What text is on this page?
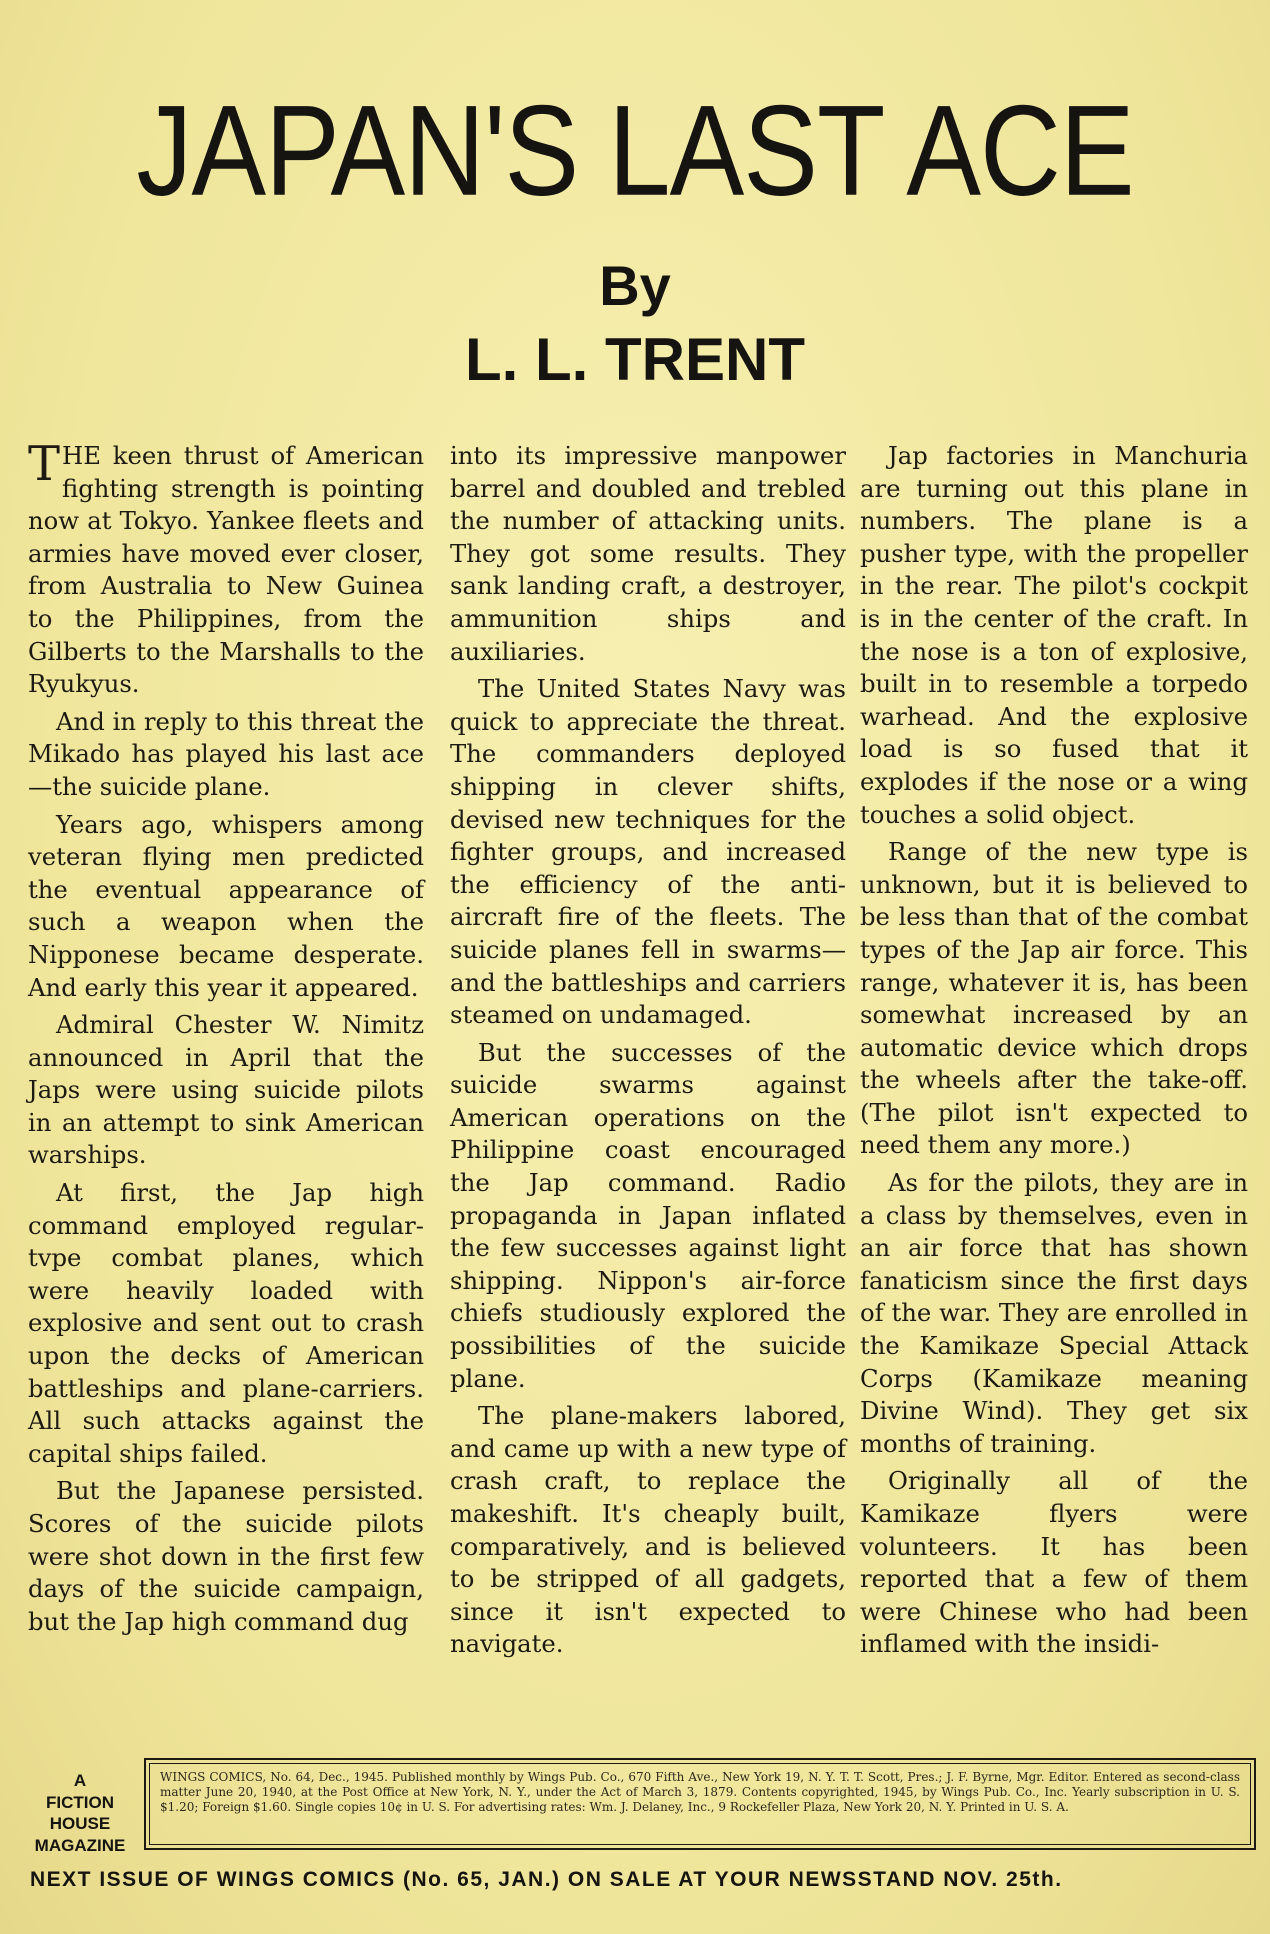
JAPAN'S LAST ACE
By
L. L. TRENT

THE keen thrust of American fighting strength is pointing now at Tokyo. Yankee fleets and armies have moved ever closer, from Australia to New Guinea to the Philippines, from the Gilberts to the Marshalls to the Ryukyus.

And in reply to this threat the Mikado has played his last ace—the suicide plane.

Years ago, whispers among veteran flying men predicted the eventual appearance of such a weapon when the Nipponese became desperate. And early this year it appeared.

Admiral Chester W. Nimitz announced in April that the Japs were using suicide pilots in an attempt to sink American warships.

At first, the Jap high command employed regular-tvpe combat planes, which were heavily loaded with explosive and sent out to crash upon the decks of American battleships and plane-carriers. All such attacks against the capital ships failed.

But the Japanese persisted. Scores of the suicide pilots were shot down in the first few days of the suicide campaign, but the Jap high command dug

into its impressive manpower barrel and doubled and trebled the number of attacking units. They got some results. They sank landing craft, a destroyer, ammunition ships and auxiliaries.

The United States Navy was quick to appreciate the threat. The commanders deployed shipping in clever shifts, devised new techniques for the fighter groups, and increased the efficiency of the anti-aircraft fire of the fleets. The suicide planes fell in swarms—and the battleships and carriers steamed on undamaged.

But the successes of the suicide swarms against American operations on the Philippine coast encouraged the Jap command. Radio propaganda in Japan inflated the few successes against light shipping. Nippon's air-force chiefs studiously explored the possibilities of the suicide plane.

The plane-makers labored, and came up with a new type of crash craft, to replace the makeshift. It's cheaply built, comparatively, and is believed to be stripped of all gadgets, since it isn't expected to navigate.

Jap factories in Manchuria are turning out this plane in numbers. The plane is a pusher type, with the propeller in the rear. The pilot's cockpit is in the center of the craft. In the nose is a ton of explosive, built in to resemble a torpedo warhead. And the explosive load is so fused that it explodes if the nose or a wing touches a solid object.

Range of the new type is unknown, but it is believed to be less than that of the combat types of the Jap air force. This range, whatever it is, has been somewhat increased by an automatic device which drops the wheels after the take-off. (The pilot isn't expected to need them any more.)

As for the pilots, they are in a class by themselves, even in an air force that has shown fanaticism since the first days of the war. They are enrolled in the Kamikaze Special Attack Corps (Kamikaze meaning Divine Wind). They get six months of training.

Originally all of the Kamikaze flyers were volunteers. It has been reported that a few of them were Chinese who had been inflamed with the insidi-

A
FICTION
HOUSE
MAGAZINE
WINGS COMICS, No. 64, Dec., 1945. Published monthly by Wings Pub. Co., 670 Fifth Ave., New York 19, N. Y. T. T. Scott, Pres.; J. F. Byrne, Mgr. Editor. Entered as second-class matter June 20, 1940, at the Post Office at New York, N. Y., under the Act of March 3, 1879. Contents copyrighted, 1945, by Wings Pub. Co., Inc. Yearly subscription in U. S. $1.20; Foreign $1.60. Single copies 10¢ in U. S. For advertising rates: Wm. J. Delaney, Inc., 9 Rockefeller Plaza, New York 20, N. Y. Printed in U. S. A.
NEXT ISSUE OF WINGS COMICS (No. 65, JAN.) ON SALE AT YOUR NEWSSTAND NOV. 25th.
